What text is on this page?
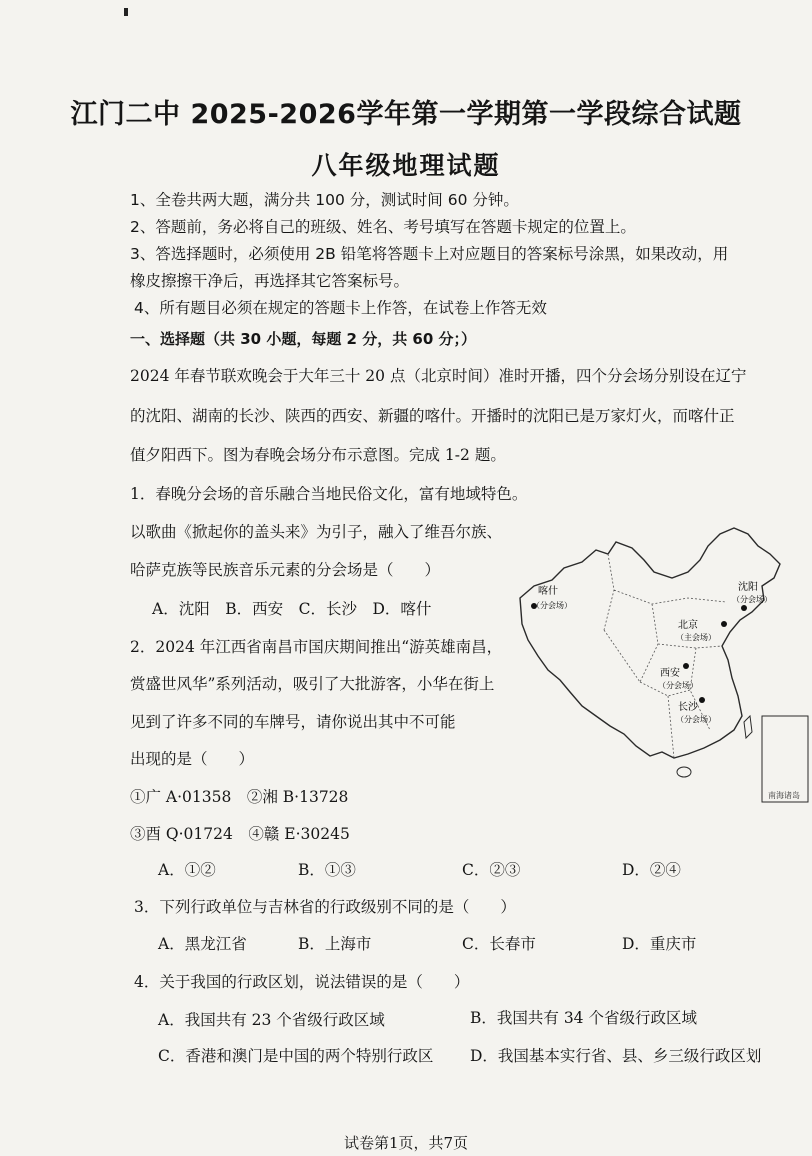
江门二中 2025-2026学年第一学期第一学段综合试题
八年级地理试题
1、全卷共两大题，满分共 100 分，测试时间 60 分钟。
2、答题前，务必将自己的班级、姓名、考号填写在答题卡规定的位置上。
3、答选择题时，必须使用 2B 铅笔将答题卡上对应题目的答案标号涂黑，如果改动，用
橡皮擦擦干净后，再选择其它答案标号。
4、所有题目必须在规定的答题卡上作答，在试卷上作答无效
一、选择题（共 30 小题，每题 2 分，共 60 分；）
2024 年春节联欢晚会于大年三十 20 点（北京时间）准时开播，四个分会场分别设在辽宁
的沈阳、湖南的长沙、陕西的西安、新疆的喀什。开播时的沈阳已是万家灯火，而喀什正
值夕阳西下。图为春晚会场分布示意图。完成 1-2 题。
1．春晚分会场的音乐融合当地民俗文化，富有地域特色。
以歌曲《掀起你的盖头来》为引子，融入了维吾尔族、
哈萨克族等民族音乐元素的分会场是（　　）
A．沈阳　B．西安　C．长沙　D．喀什
2．2024 年江西省南昌市国庆期间推出“游英雄南昌，
赏盛世风华”系列活动，吸引了大批游客，小华在街上
见到了许多不同的车牌号，请你说出其中不可能
出现的是（　　）
①广 A·01358　②湘 B·13728
③酉 Q·01724　④赣 E·30245
A．①②	B．①③	C．②③	D．②④
3．下列行政单位与吉林省的行政级别不同的是（　　）
A．黑龙江省	B．上海市	C．长春市	D．重庆市
4．关于我国的行政区划，说法错误的是（　　）
A．我国共有 23 个省级行政区域	B．我国共有 34 个省级行政区域
C．香港和澳门是中国的两个特别行政区 D．我国基本实行省、县、乡三级行政区划
南海诸岛
喀什
（分会场）
沈阳
（分会场）
北京
（主会场）
西安
（分会场）
长沙
（分会场）
试卷第1页，共7页
